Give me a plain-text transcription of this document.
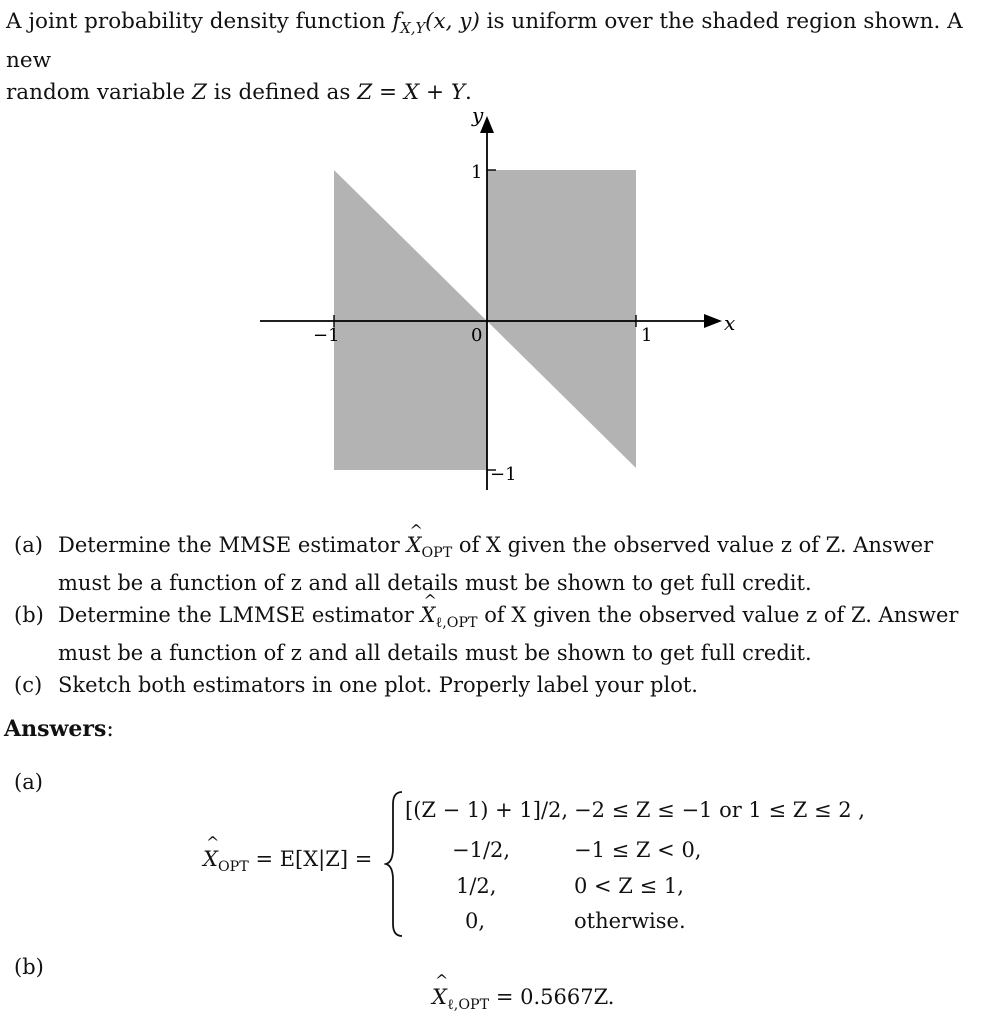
A joint probability density function $f_{X,Y}(x$, y) is uniform over the shaded region shown. A new
random variable Z is defined as Z = X + Y.
y
x
1
−1	0	1
−1
(a) Determine the MMSE estimator ^ $X_{OPT}$ of X given the observed value z of Z. Answer must be a function of z and all details must be shown to get full credit.
(b) Determine the LMMSE estimator ^ $X_{\ell,OPT}$ of X given the observed value z of Z. Answer must be a function of z and all details must be shown to get full credit.
(c) Sketch both estimators in one plot. Properly label your plot.
Answers:
(a)
^ $X_{OPT} = E[X|Z]$ =
[(Z − 1) + 1]/2, −2 ≤ Z ≤ −1 or 1 ≤ Z ≤ 2 ,
−1/2,	−1 ≤ Z < 0,
1/2,	0 < Z ≤ 1,
0,	otherwise.
(b)
^ $X_{\ell,OPT} = 0.5667Z$.
